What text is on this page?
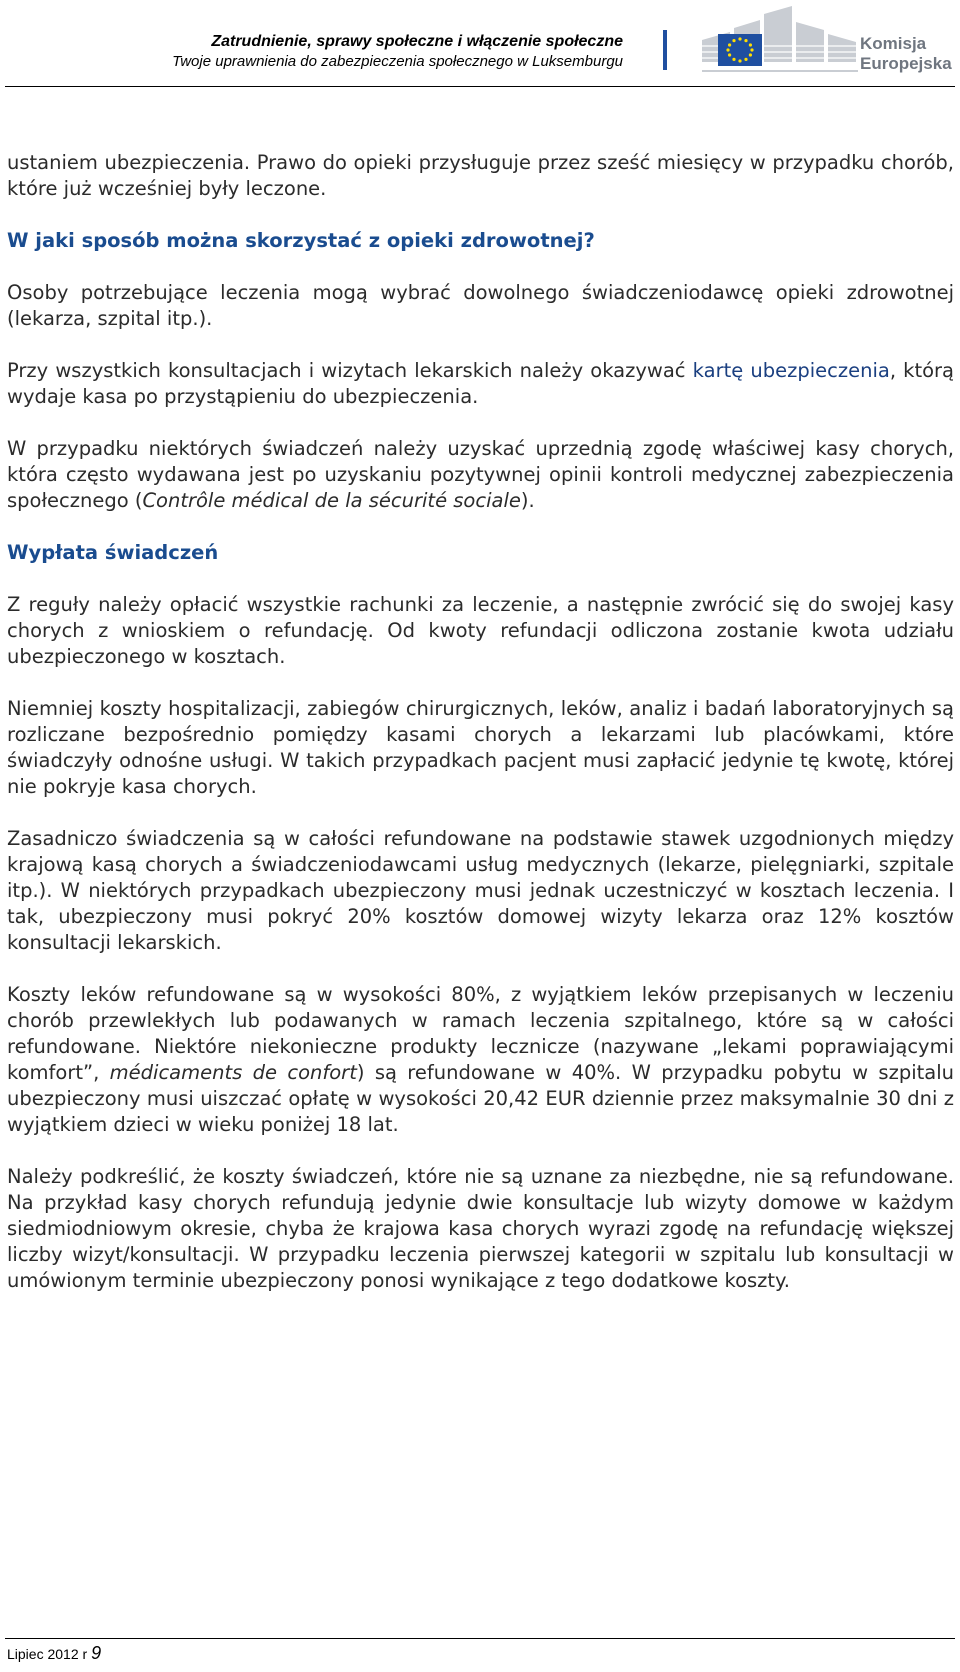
Zatrudnienie, sprawy społeczne i włączenie społeczne
Twoje uprawnienia do zabezpieczenia społecznego w Luksemburgu
Komisja
Europejska

ustaniem ubezpieczenia. Prawo do opieki przysługuje przez sześć miesięcy w przypadku chorób, które już wcześniej były leczone.

W jaki sposób można skorzystać z opieki zdrowotnej?

Osoby potrzebujące leczenia mogą wybrać dowolnego świadczeniodawcę opieki zdrowotnej (lekarza, szpital itp.).

Przy wszystkich konsultacjach i wizytach lekarskich należy okazywać kartę ubezpieczenia, którą wydaje kasa po przystąpieniu do ubezpieczenia.

W przypadku niektórych świadczeń należy uzyskać uprzednią zgodę właściwej kasy chorych, która często wydawana jest po uzyskaniu pozytywnej opinii kontroli medycznej zabezpieczenia społecznego (Contrôle médical de la sécurité sociale).

Wypłata świadczeń

Z reguły należy opłacić wszystkie rachunki za leczenie, a następnie zwrócić się do swojej kasy chorych z wnioskiem o refundację. Od kwoty refundacji odliczona zostanie kwota udziału ubezpieczonego w kosztach.

Niemniej koszty hospitalizacji, zabiegów chirurgicznych, leków, analiz i badań laboratoryjnych są rozliczane bezpośrednio pomiędzy kasami chorych a lekarzami lub placówkami, które świadczyły odnośne usługi. W takich przypadkach pacjent musi zapłacić jedynie tę kwotę, której nie pokryje kasa chorych.

Zasadniczo świadczenia są w całości refundowane na podstawie stawek uzgodnionych między krajową kasą chorych a świadczeniodawcami usług medycznych (lekarze, pielęgniarki, szpitale itp.). W niektórych przypadkach ubezpieczony musi jednak uczestniczyć w kosztach leczenia. I tak, ubezpieczony musi pokryć 20% kosztów domowej wizyty lekarza oraz 12% kosztów konsultacji lekarskich.

Koszty leków refundowane są w wysokości 80%, z wyjątkiem leków przepisanych w leczeniu chorób przewlekłych lub podawanych w ramach leczenia szpitalnego, które są w całości refundowane. Niektóre niekonieczne produkty lecznicze (nazywane „lekami poprawiającymi komfort”, médicaments de confort) są refundowane w 40%. W przypadku pobytu w szpitalu ubezpieczony musi uiszczać opłatę w wysokości 20,42 EUR dziennie przez maksymalnie 30 dni z wyjątkiem dzieci w wieku poniżej 18 lat.

Należy podkreślić, że koszty świadczeń, które nie są uznane za niezbędne, nie są refundowane. Na przykład kasy chorych refundują jedynie dwie konsultacje lub wizyty domowe w każdym siedmiodniowym okresie, chyba że krajowa kasa chorych wyrazi zgodę na refundację większej liczby wizyt/konsultacji. W przypadku leczenia pierwszej kategorii w szpitalu lub konsultacji w umówionym terminie ubezpieczony ponosi wynikające z tego dodatkowe koszty.

Lipiec 2012 r 9
